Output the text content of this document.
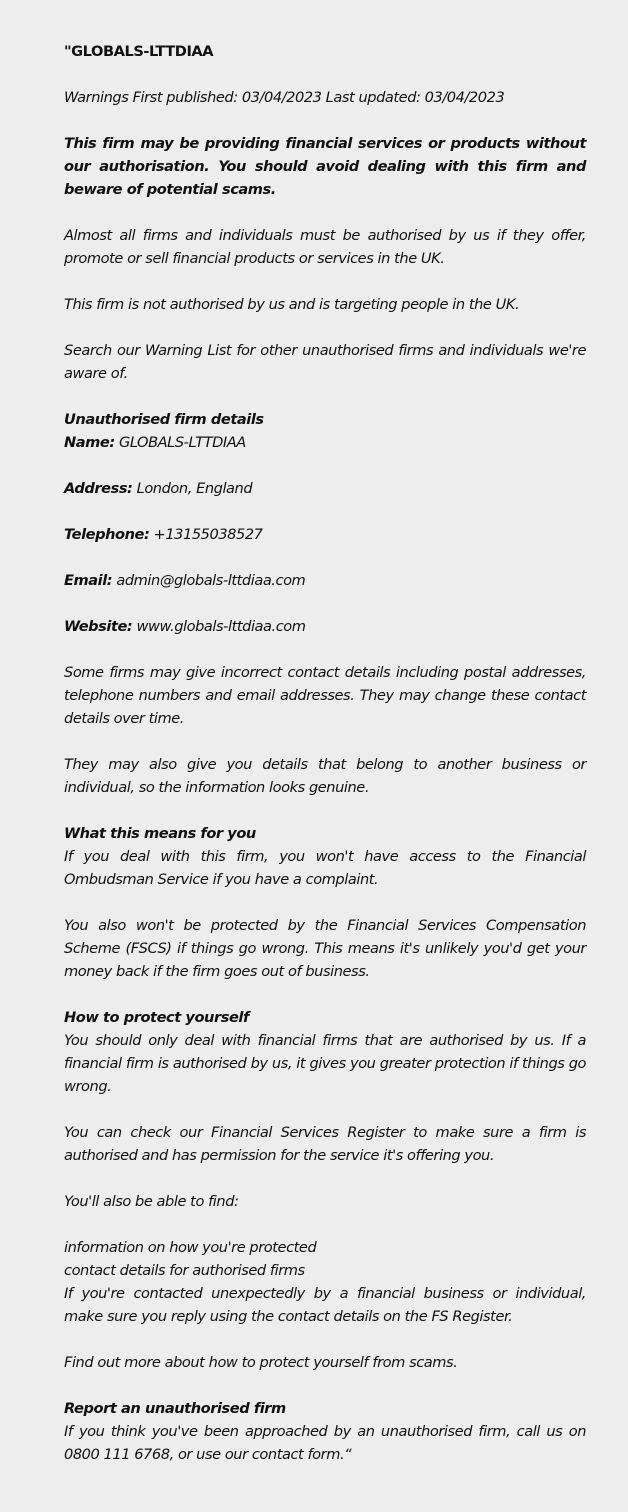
"GLOBALS-LTTDIAA

Warnings First published: 03/04/2023 Last updated: 03/04/2023

This firm may be providing financial services or products without our authorisation. You should avoid dealing with this firm and beware of potential scams.

Almost all firms and individuals must be authorised by us if they offer, promote or sell financial products or services in the UK.

This firm is not authorised by us and is targeting people in the UK.

Search our Warning List for other unauthorised firms and individuals we're aware of.

Unauthorised firm details
Name: GLOBALS-LTTDIAA

Address: London, England

Telephone: +13155038527

Email: admin@globals-lttdiaa.com

Website: www.globals-lttdiaa.com

Some firms may give incorrect contact details including postal addresses, telephone numbers and email addresses. They may change these contact details over time.

They may also give you details that belong to another business or individual, so the information looks genuine.

What this means for you
If you deal with this firm, you won't have access to the Financial Ombudsman Service if you have a complaint.

You also won't be protected by the Financial Services Compensation Scheme (FSCS) if things go wrong. This means it's unlikely you'd get your money back if the firm goes out of business.

How to protect yourself
You should only deal with financial firms that are authorised by us. If a financial firm is authorised by us, it gives you greater protection if things go wrong.

You can check our Financial Services Register to make sure a firm is authorised and has permission for the service it's offering you.

You'll also be able to find:

information on how you're protected
contact details for authorised firms
If you're contacted unexpectedly by a financial business or individual, make sure you reply using the contact details on the FS Register.

Find out more about how to protect yourself from scams.

Report an unauthorised firm
If you think you've been approached by an unauthorised firm, call us on 0800 111 6768, or use our contact form.“
